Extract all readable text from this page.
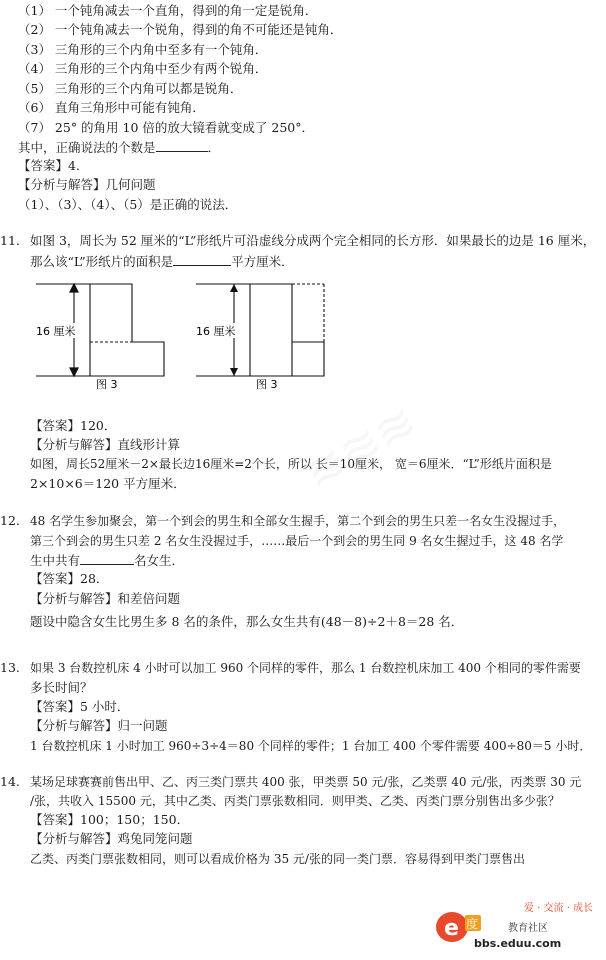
（1） 一个钝角减去一个直角，得到的角一定是锐角．
（2） 一个钝角减去一个锐角，得到的角不可能还是钝角．
（3） 三角形的三个内角中至多有一个钝角．
（4） 三角形的三个内角中至少有两个锐角．
（5） 三角形的三个内角可以都是锐角．
（6） 直角三角形中可能有钝角．
（7） 25° 的角用 10 倍的放大镜看就变成了 250°．
其中，正确说法的个数是	．
【答案】4．
【分析与解答】几何问题
（1）、（3）、（4）、（5）是正确的说法．
11. 如图 3，周长为 52 厘米的“L”形纸片可沿虚线分成两个完全相同的长方形．如果最长的边是 16 厘米，
那么该“L”形纸片的面积是	平方厘米．
图 3
16 厘米
图 3
16 厘米
【答案】120．
【分析与解答】直线形计算
如图，周长52厘米－2×最长边16厘米=2个长，所以 长＝10厘米， 宽＝6厘米．“L”形纸片面积是
2×10×6＝120 平方厘米．
12. 48 名学生参加聚会，第一个到会的男生和全部女生握手，第二个到会的男生只差一名女生没握过手，
第三个到会的男生只差 2 名女生没握过手，……最后一个到会的男生同 9 名女生握过手，这 48 名学
生中共有	名女生．
【答案】28．
【分析与解答】和差倍问题
题设中隐含女生比男生多 8 名的条件，那么女生共有(48－8)÷2＋8＝28 名．
13. 如果 3 台数控机床 4 小时可以加工 960 个同样的零件，那么 1 台数控机床加工 400 个相同的零件需要
多长时间？
【答案】5 小时．
【分析与解答】归一问题
1 台数控机床 1 小时加工 960÷3÷4＝80 个同样的零件；1 台加工 400 个零件需要 400÷80＝5 小时．
14. 某场足球赛赛前售出甲、乙、丙三类门票共 400 张，甲类票 50 元/张，乙类票 40 元/张，丙类票 30 元
/张，共收入 15500 元，其中乙类、丙类门票张数相同．则甲类、乙类、丙类门票分别售出多少张？
【答案】100；150；150．
【分析与解答】鸡兔同笼问题
乙类、丙类门票张数相同，则可以看成价格为 35 元/张的同一类门票．容易得到甲类门票售出
e 度
爱 · 交流 · 成长
教育社区
bbs.eduu.com
